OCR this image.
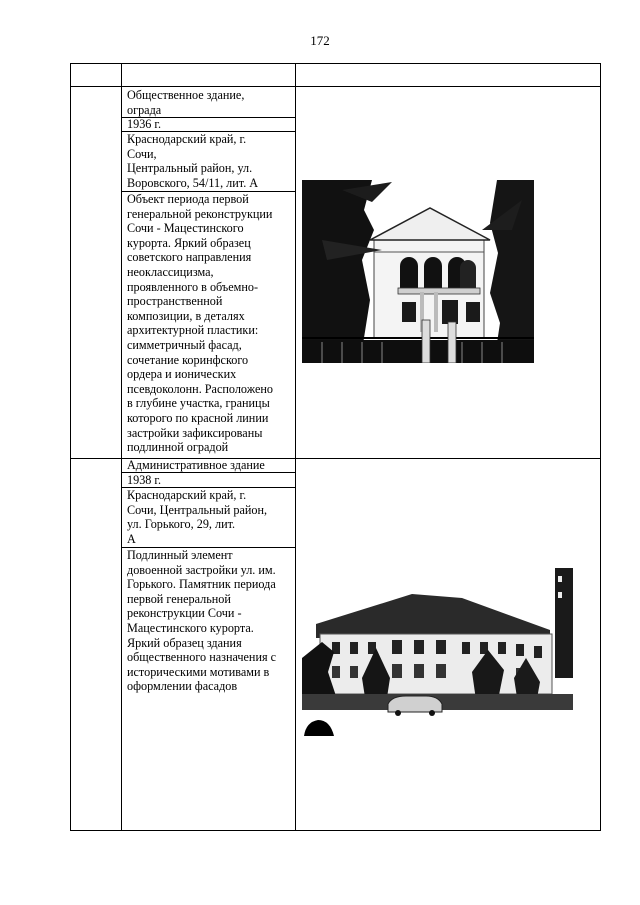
172
Общественное здание,
ограда
1936 г.
Краснодарский край, г.
Сочи,
Центральный район, ул.
Воровского, 54/11, лит. А
Объект периода первой
генеральной реконструкции
Сочи - Мацестинского
курорта. Яркий образец
советского направления
неоклассицизма,
проявленного в объемно-
пространственной
композиции, в деталях
архитектурной пластики:
симметричный фасад,
сочетание коринфского
ордера и ионических
псевдоколонн. Расположено
в глубине участка, границы
которого по красной линии
застройки зафиксированы
подлинной оградой
Административное здание
1938 г.
Краснодарский край, г.
Сочи, Центральный район,
ул. Горького, 29, лит.
А
Подлинный элемент
довоенной застройки ул. им.
Горького. Памятник периода
первой генеральной
реконструкции Сочи -
Мацестинского курорта.
Яркий образец здания
общественного назначения с
историческими мотивами в
оформлении фасадов
